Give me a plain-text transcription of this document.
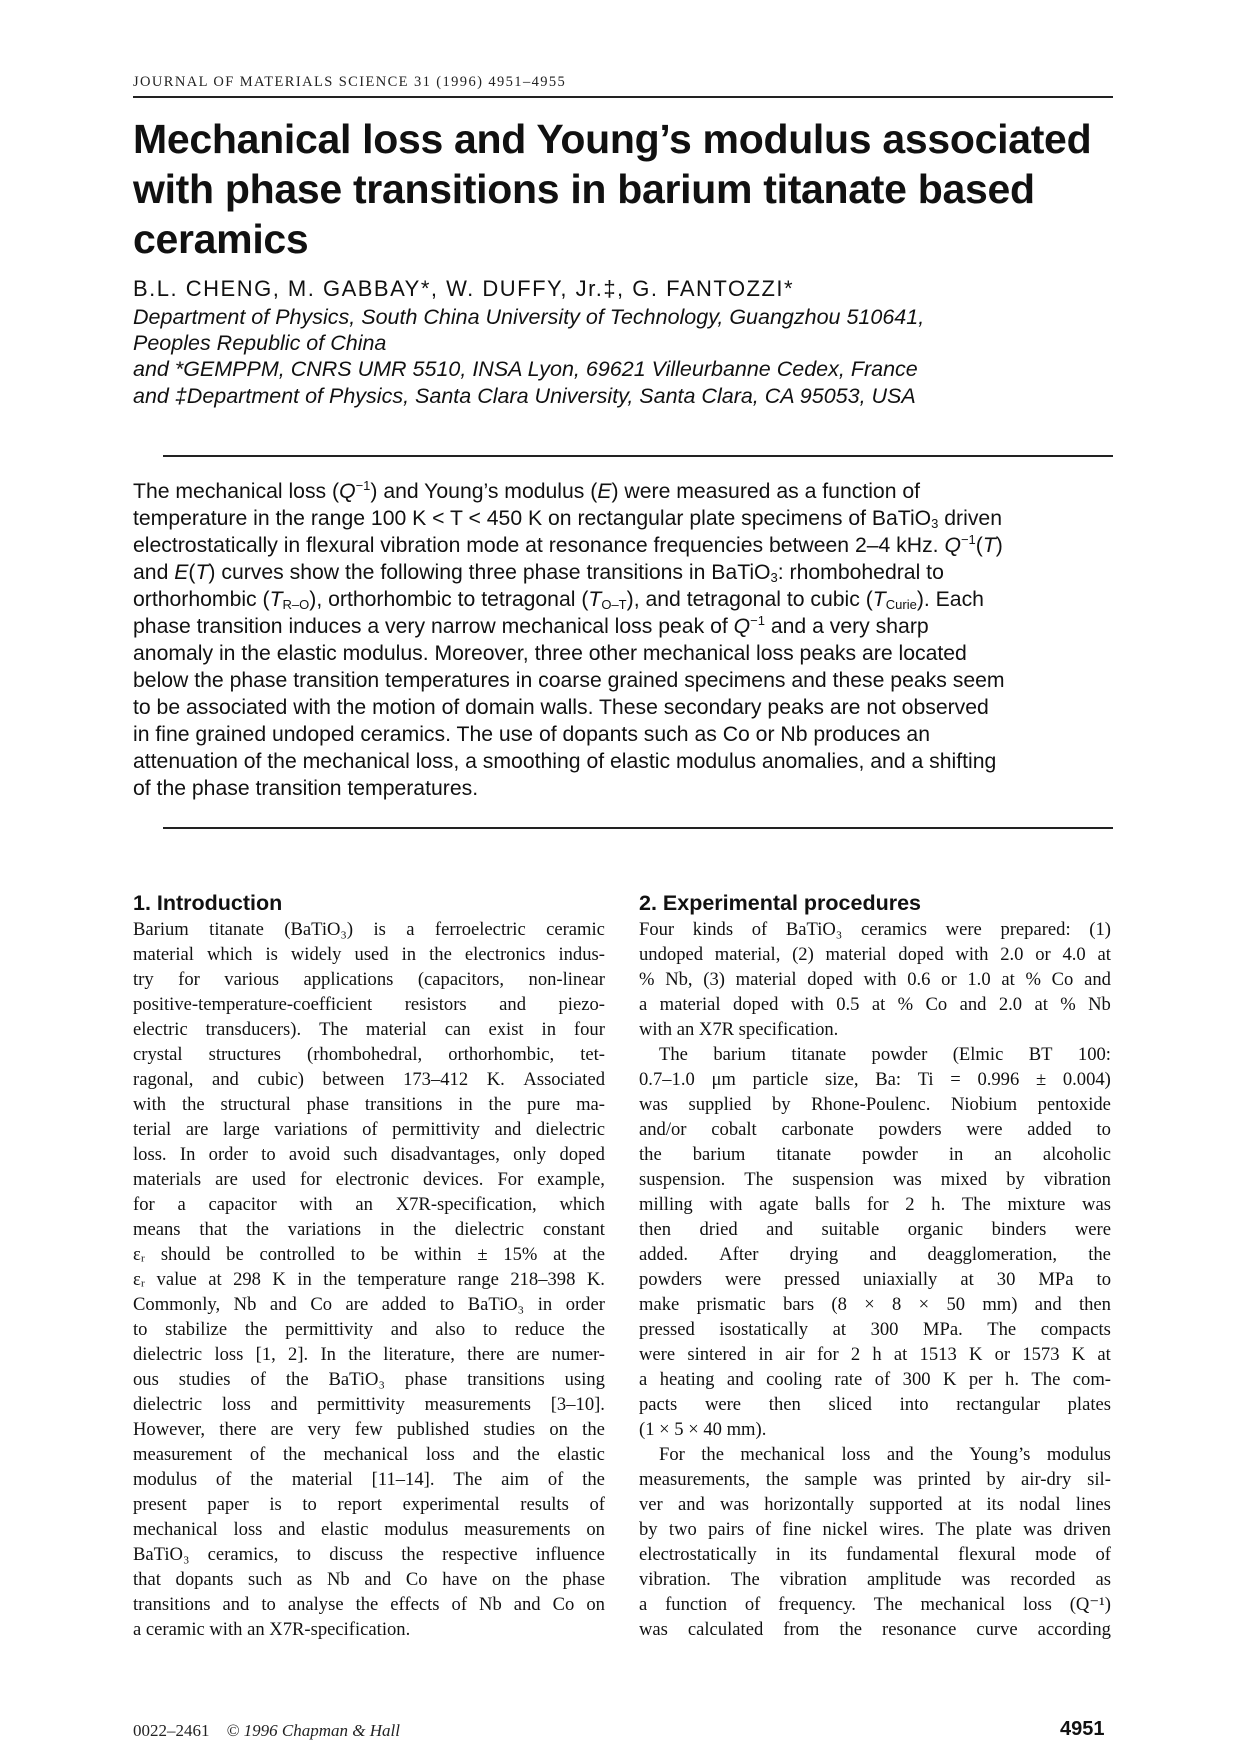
JOURNAL OF MATERIALS SCIENCE 31 (1996) 4951–4955
Mechanical loss and Young’s modulus associated
with phase transitions in barium titanate based
ceramics
B.L. CHENG, M. GABBAY*, W. DUFFY, Jr.‡, G. FANTOZZI*
Department of Physics, South China University of Technology, Guangzhou 510641,
Peoples Republic of China
and *GEMPPM, CNRS UMR 5510, INSA Lyon, 69621 Villeurbanne Cedex, France
and ‡Department of Physics, Santa Clara University, Santa Clara, CA 95053, USA
The mechanical loss $(Q^{-1})$ and Young’s modulus (E) were measured as a function of
temperature in the range 100 K < T < 450 K on rectangular plate specimens of BaTiO$_3$ driven
electrostatically in flexural vibration mode at resonance frequencies between 2–4 kHz. $Q^{-1}(T)$
and E(T) curves show the following three phase transitions in BaTiO$_3$: rhombohedral to
orthorhombic $(T_{R-O})$, orthorhombic to tetragonal $(T_{O-T})$, and tetragonal to cubic $(T_{Curie})$. Each
phase transition induces a very narrow mechanical loss peak of $Q^{-1}$ and a very sharp
anomaly in the elastic modulus. Moreover, three other mechanical loss peaks are located
below the phase transition temperatures in coarse grained specimens and these peaks seem
to be associated with the motion of domain walls. These secondary peaks are not observed
in fine grained undoped ceramics. The use of dopants such as Co or Nb produces an
attenuation of the mechanical loss, a smoothing of elastic modulus anomalies, and a shifting
of the phase transition temperatures.
1. Introduction
Barium titanate (BaTiO₃) is a ferroelectric ceramic
material which is widely used in the electronics indus-
try for various applications (capacitors, non-linear
positive-temperature-coefficient resistors and piezo-
electric transducers). The material can exist in four
crystal structures (rhombohedral, orthorhombic, tet-
ragonal, and cubic) between 173–412 K. Associated
with the structural phase transitions in the pure ma-
terial are large variations of permittivity and dielectric
loss. In order to avoid such disadvantages, only doped
materials are used for electronic devices. For example,
for a capacitor with an X7R-specification, which
means that the variations in the dielectric constant
εᵣ should be controlled to be within ± 15% at the
εᵣ value at 298 K in the temperature range 218–398 K.
Commonly, Nb and Co are added to BaTiO₃ in order
to stabilize the permittivity and also to reduce the
dielectric loss [1, 2]. In the literature, there are numer-
ous studies of the BaTiO₃ phase transitions using
dielectric loss and permittivity measurements [3–10].
However, there are very few published studies on the
measurement of the mechanical loss and the elastic
modulus of the material [11–14]. The aim of the
present paper is to report experimental results of
mechanical loss and elastic modulus measurements on
BaTiO₃ ceramics, to discuss the respective influence
that dopants such as Nb and Co have on the phase
transitions and to analyse the effects of Nb and Co on
a ceramic with an X7R-specification.
2. Experimental procedures
Four kinds of BaTiO₃ ceramics were prepared: (1)
undoped material, (2) material doped with 2.0 or 4.0 at
% Nb, (3) material doped with 0.6 or 1.0 at % Co and
a material doped with 0.5 at % Co and 2.0 at % Nb
with an X7R specification.
The barium titanate powder (Elmic BT 100:
0.7–1.0 μm particle size, Ba: Ti = 0.996 ± 0.004)
was supplied by Rhone-Poulenc. Niobium pentoxide
and/or cobalt carbonate powders were added to
the barium titanate powder in an alcoholic
suspension. The suspension was mixed by vibration
milling with agate balls for 2 h. The mixture was
then dried and suitable organic binders were
added. After drying and deagglomeration, the
powders were pressed uniaxially at 30 MPa to
make prismatic bars (8 × 8 × 50 mm) and then
pressed isostatically at 300 MPa. The compacts
were sintered in air for 2 h at 1513 K or 1573 K at
a heating and cooling rate of 300 K per h. The com-
pacts were then sliced into rectangular plates
(1 × 5 × 40 mm).
For the mechanical loss and the Young’s modulus
measurements, the sample was printed by air-dry sil-
ver and was horizontally supported at its nodal lines
by two pairs of fine nickel wires. The plate was driven
electrostatically in its fundamental flexural mode of
vibration. The vibration amplitude was recorded as
a function of frequency. The mechanical loss (Q⁻¹)
was calculated from the resonance curve according
0022–2461 © 1996 Chapman & Hall	4951
